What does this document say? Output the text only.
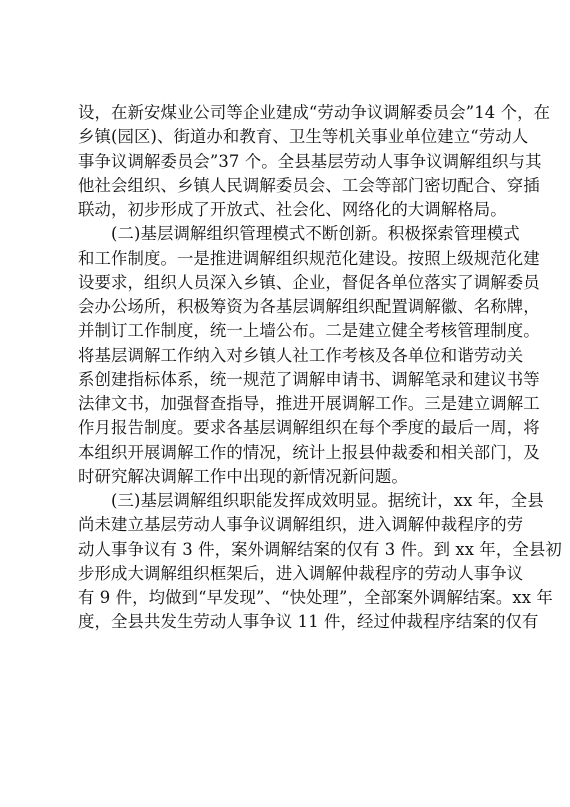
设，在新安煤业公司等企业建成“劳动争议调解委员会”14 个，在
乡镇(园区)、街道办和教育、卫生等机关事业单位建立“劳动人
事争议调解委员会”37 个。全县基层劳动人事争议调解组织与其
他社会组织、乡镇人民调解委员会、工会等部门密切配合、穿插
联动，初步形成了开放式、社会化、网络化的大调解格局。
(二)基层调解组织管理模式不断创新。积极探索管理模式
和工作制度。一是推进调解组织规范化建设。按照上级规范化建
设要求，组织人员深入乡镇、企业，督促各单位落实了调解委员
会办公场所，积极筹资为各基层调解组织配置调解徽、名称牌，
并制订工作制度，统一上墙公布。二是建立健全考核管理制度。
将基层调解工作纳入对乡镇人社工作考核及各单位和谐劳动关
系创建指标体系，统一规范了调解申请书、调解笔录和建议书等
法律文书，加强督查指导，推进开展调解工作。三是建立调解工
作月报告制度。要求各基层调解组织在每个季度的最后一周，将
本组织开展调解工作的情况，统计上报县仲裁委和相关部门，及
时研究解决调解工作中出现的新情况新问题。
(三)基层调解组织职能发挥成效明显。据统计，xx 年，全县
尚未建立基层劳动人事争议调解组织，进入调解仲裁程序的劳
动人事争议有 3 件，案外调解结案的仅有 3 件。到 xx 年，全县初
步形成大调解组织框架后，进入调解仲裁程序的劳动人事争议
有 9 件，均做到“早发现”、“快处理”，全部案外调解结案。xx 年
度，全县共发生劳动人事争议 11 件，经过仲裁程序结案的仅有
